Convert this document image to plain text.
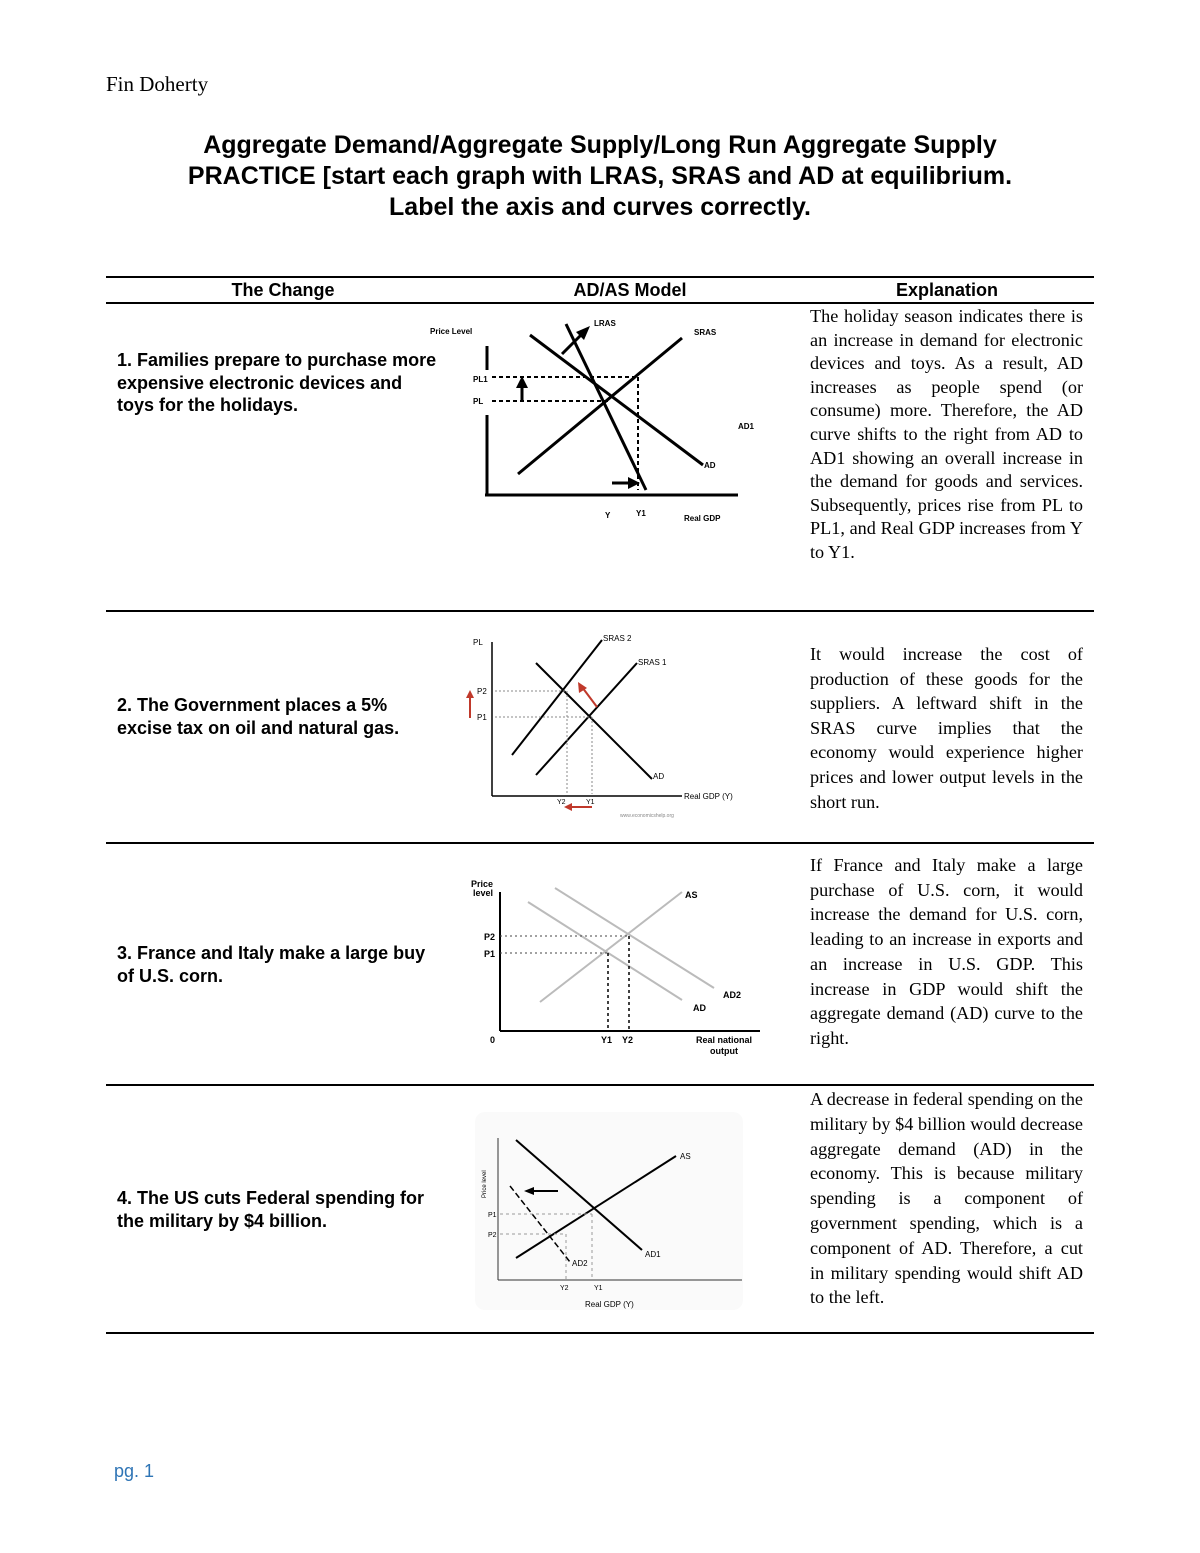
Fin Doherty
Aggregate Demand/Aggregate Supply/Long Run Aggregate Supply
PRACTICE [start each graph with LRAS, SRAS and AD at equilibrium.
Label the axis and curves correctly.
The Change	AD/AS Model	Explanation
1. Families prepare to purchase more expensive electronic devices and toys for the holidays.
The holiday season indicates there is an increase in demand for electronic devices and toys. As a result, AD increases as people spend (or consume) more. Therefore, the AD curve shifts to the right from AD to AD1 showing an overall increase in the demand for goods and services. Subsequently, prices rise from PL to PL1, and Real GDP increases from Y to Y1.
Price Level
LRAS
SRAS
AD1
AD
PL1
PL
Y	Y1
Real GDP
2. The Government places a 5% excise tax on oil and natural gas.
It would increase the cost of production of these goods for the suppliers. A leftward shift in the SRAS curve implies that the economy would experience higher prices and lower output levels in the short run.
PL	SRAS 2
SRAS 1
AD
P2
P1
Y2	Y1
Real GDP (Y)
www.economicshelp.org
3. France and Italy make a large buy of U.S. corn.
If France and Italy make a large purchase of U.S. corn, it would increase the demand for U.S. corn, leading to an increase in exports and an increase in U.S. GDP. This increase in GDP would shift the aggregate demand (AD) curve to the right.
Price
level	AS
AD2
AD
P2
P1
0	Y1 Y2	Real national
output
4. The US cuts Federal spending for the military by $4 billion.
A decrease in federal spending on the military by $4 billion would decrease aggregate demand (AD) in the economy. This is because military spending is a component of government spending, which is a component of AD. Therefore, a cut in military spending would shift AD to the left.
Price level
AS
AD1
AD2
P1
P2
Y2	Y1
Real GDP (Y)
pg. 1
